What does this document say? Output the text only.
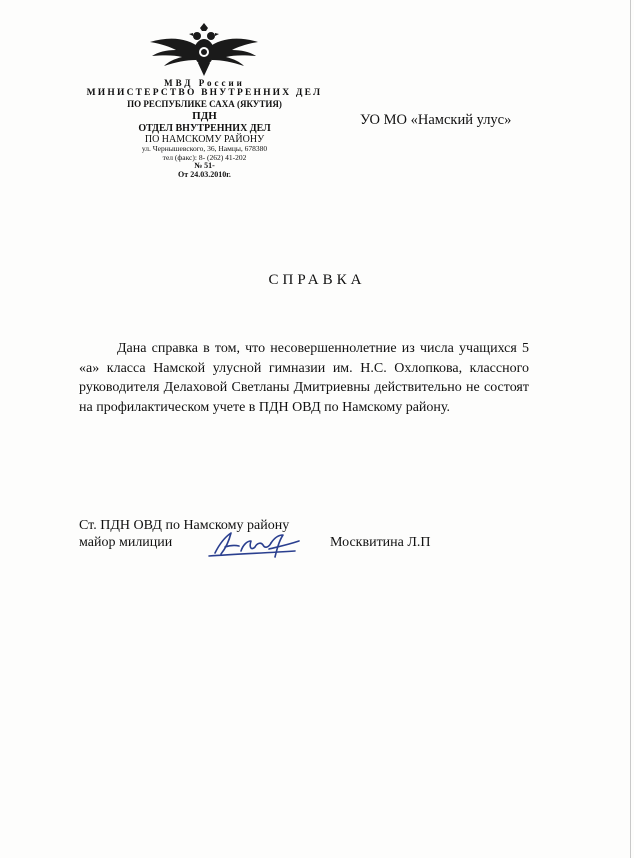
МВД России
МИНИСТЕРСТВО ВНУТРЕННИХ ДЕЛ
ПО РЕСПУБЛИКЕ САХА (ЯКУТИЯ)
ПДН
ОТДЕЛ ВНУТРЕННИХ ДЕЛ
ПО НАМСКОМУ РАЙОНУ
ул. Чернышевского, 36, Намцы, 678380
тел (факс): 8- (262) 41-202
№ 51-
От 24.03.2010г.
УО МО «Намский улус»
СПРАВКА
Дана справка в том, что несовершеннолетние из числа учащихся 5
«а» класса Намской улусной гимназии им. Н.С. Охлопкова, классного
руководителя Делаховой Светланы Дмитриевны действительно не состоят
на профилактическом учете в ПДН ОВД по Намскому району.
Ст. ПДН ОВД по Намскому району
майор милиции	Москвитина Л.П
